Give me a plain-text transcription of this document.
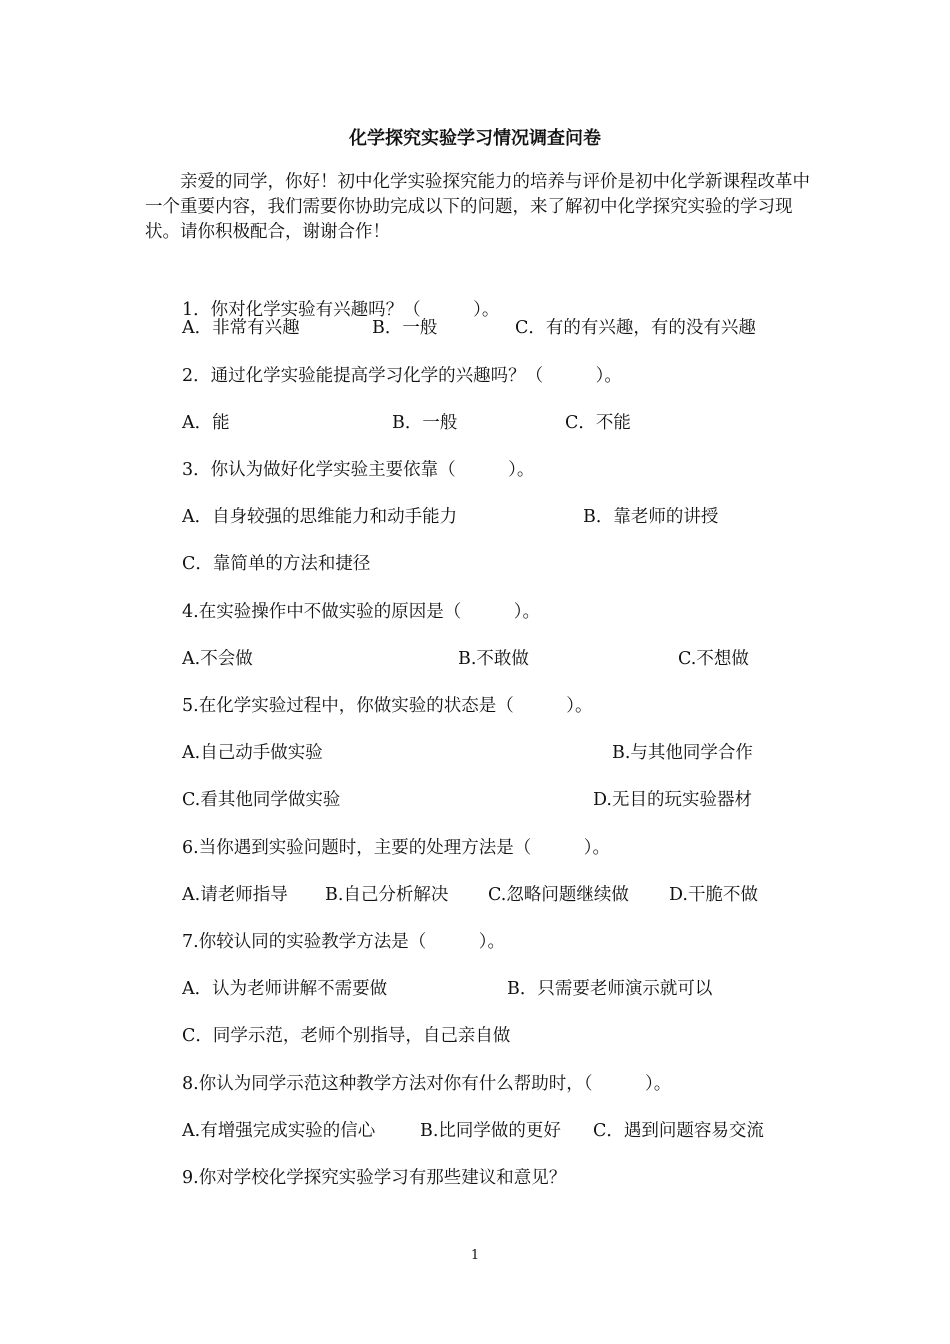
化学探究实验学习情况调查问卷

亲爱的同学，你好！初中化学实验探究能力的培养与评价是初中化学新课程改革中一个重要内容，我们需要你协助完成以下的问题，来了解初中化学探究实验的学习现状。请你积极配合，谢谢合作！

1．你对化学实验有兴趣吗？（　　　）。
A．非常有兴趣	B．一般	C．有的有兴趣，有的没有兴趣
2．通过化学实验能提高学习化学的兴趣吗？（　　　）。
A．能	B．一般	C．不能
3．你认为做好化学实验主要依靠（　　　）。
A．自身较强的思维能力和动手能力	B．靠老师的讲授
C．靠简单的方法和捷径
4.在实验操作中不做实验的原因是（　　　）。
A.不会做	B.不敢做	C.不想做
5.在化学实验过程中，你做实验的状态是（　　　）。
A.自己动手做实验	B.与其他同学合作
C.看其他同学做实验	D.无目的玩实验器材
6.当你遇到实验问题时，主要的处理方法是（　　　）。
A.请老师指导 B.自己分析解决 C.忽略问题继续做 D.干脆不做
7.你较认同的实验教学方法是（　　　）。
A．认为老师讲解不需要做	B．只需要老师演示就可以
C．同学示范，老师个别指导，自己亲自做
8.你认为同学示范这种教学方法对你有什么帮助时，（　　　）。
A.有增强完成实验的信心	B.比同学做的更好 C．遇到问题容易交流
9.你对学校化学探究实验学习有那些建议和意见？
1
